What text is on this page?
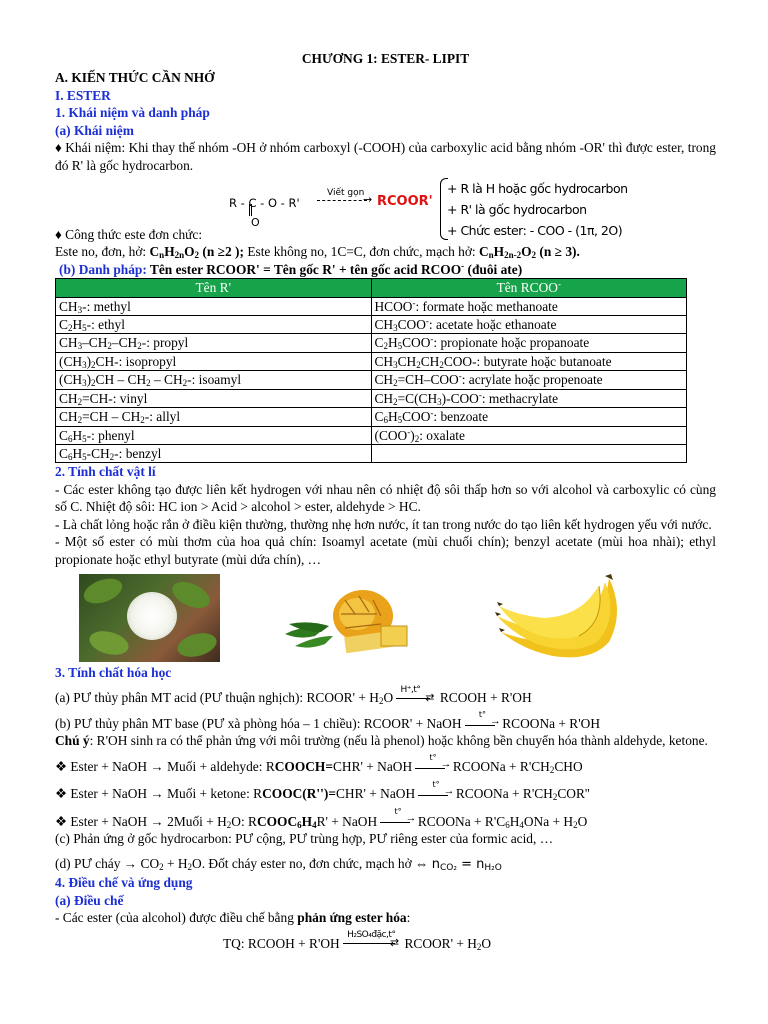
CHƯƠNG 1: ESTER- LIPIT

A. KIẾN THỨC CẦN NHỚ

I. ESTER

1. Khái niệm và danh pháp

(a) Khái niệm

♦ Khái niệm: Khi thay thế nhóm -OH ở nhóm carboxyl (-COOH) của carboxylic acid bằng nhóm -OR' thì được ester, trong đó R' là gốc hydrocarbon.

R - C - O - R'
O
Viết gọn
→ RCOOR'
+ R là H hoặc gốc hydrocarbon
+ R' là gốc hydrocarbon
+ Chức ester: - COO - (1π, 2O)

♦ Công thức este đơn chức:

Este no, đơn, hở: $C_nH_{2n}O_2$ (n ≥2 ); Este không no, 1C=C, đơn chức, mạch hở: $C_nH_{2n-2}O_2$ (n ≥ 3).

(b) Danh pháp: Tên ester RCOOR' = Tên gốc R' + tên gốc acid RCOO- (đuôi ate)

Tên R'	Tên RCOO-
$CH_3-$: methyl	HCOO-: formate hoặc methanoate
$C_2H_5-$: ethyl	$CH_3COO^-$: acetate hoặc ethanoate
$CH_3-CH_2-CH_2-$: propyl	$C_2H_5COO^-$: propionate hoặc propanoate
$(CH_3)_2CH-$: isopropyl	$CH_3CH_2CH_2COO-$: butyrate hoặc butanoate
$(CH_3)_2CH - CH_2 - CH_2-$: isoamyl	$CH_2=CH-COO^-$: acrylate hoặc propenoate
$CH_2=CH-$: vinyl	$CH_2=C(CH_3)-COO^-$: methacrylate
$CH_2=CH - CH_2-$: allyl	$C_6H_5COO^-$: benzoate
$C_6H_5-$: phenyl	$(COO^-)_2$: oxalate
$C_6H_5-CH_2-$: benzyl	

2. Tính chất vật lí

- Các ester không tạo được liên kết hydrogen với nhau nên có nhiệt độ sôi thấp hơn so với alcohol và carboxylic có cùng số C. Nhiệt độ sôi: HC ion > Acid > alcohol > ester, aldehyde > HC.

- Là chất lỏng hoặc rắn ở điều kiện thường, thường nhẹ hơn nước, ít tan trong nước do tạo liên kết hydrogen yếu với nước.

- Một số ester có mùi thơm của hoa quả chín: Isoamyl acetate (mùi chuối chín); benzyl acetate (mùi hoa nhài); ethyl propionate hoặc ethyl butyrate (mùi dứa chín), …

3. Tính chất hóa học

(a) PƯ thủy phân MT acid (PƯ thuận nghịch): RCOOR' + $H_2O$
H⁺,t°
⇄ RCOOH + R'OH

(b) PƯ thủy phân MT base (PƯ xà phòng hóa – 1 chiều): RCOOR' + NaOH
t°
→ RCOONa + R'OH

Chú ý: R'OH sinh ra có thể phản ứng với môi trường (nếu là phenol) hoặc không bền chuyển hóa thành aldehyde, ketone.

❖ Ester + NaOH → Muối + aldehyde: RCOOCH=CHR' + NaOH
t°
→ RCOONa + $R'CH_2CHO$

❖ Ester + NaOH → Muối + ketone: RCOOC(R'')=CHR' + NaOH
t°
→ RCOONa + $R'CH_2COR''$

❖ Ester + NaOH → 2Muối + $H_2O$: $RCOOC_6H_4R'$ + NaOH
t°
→ RCOONa + $R'C_6H_4ONa + H_2O$

(c) Phản ứng ở gốc hydrocarbon: PƯ cộng, PƯ trùng hợp, PƯ riêng ester của formic acid, …

(d) PƯ cháy → $CO_2 + H_2O$. Đốt cháy ester no, đơn chức, mạch hở ⇔ $n_{CO_2} = n_{H_2O}$

4. Điều chế và ứng dụng

(a) Điều chế

- Các ester (của alcohol) được điều chế bằng phản ứng ester hóa:

TQ: RCOOH + R'OH
H₂SO₄đặc,t°
⇄ RCOOR' + $H_2O$
